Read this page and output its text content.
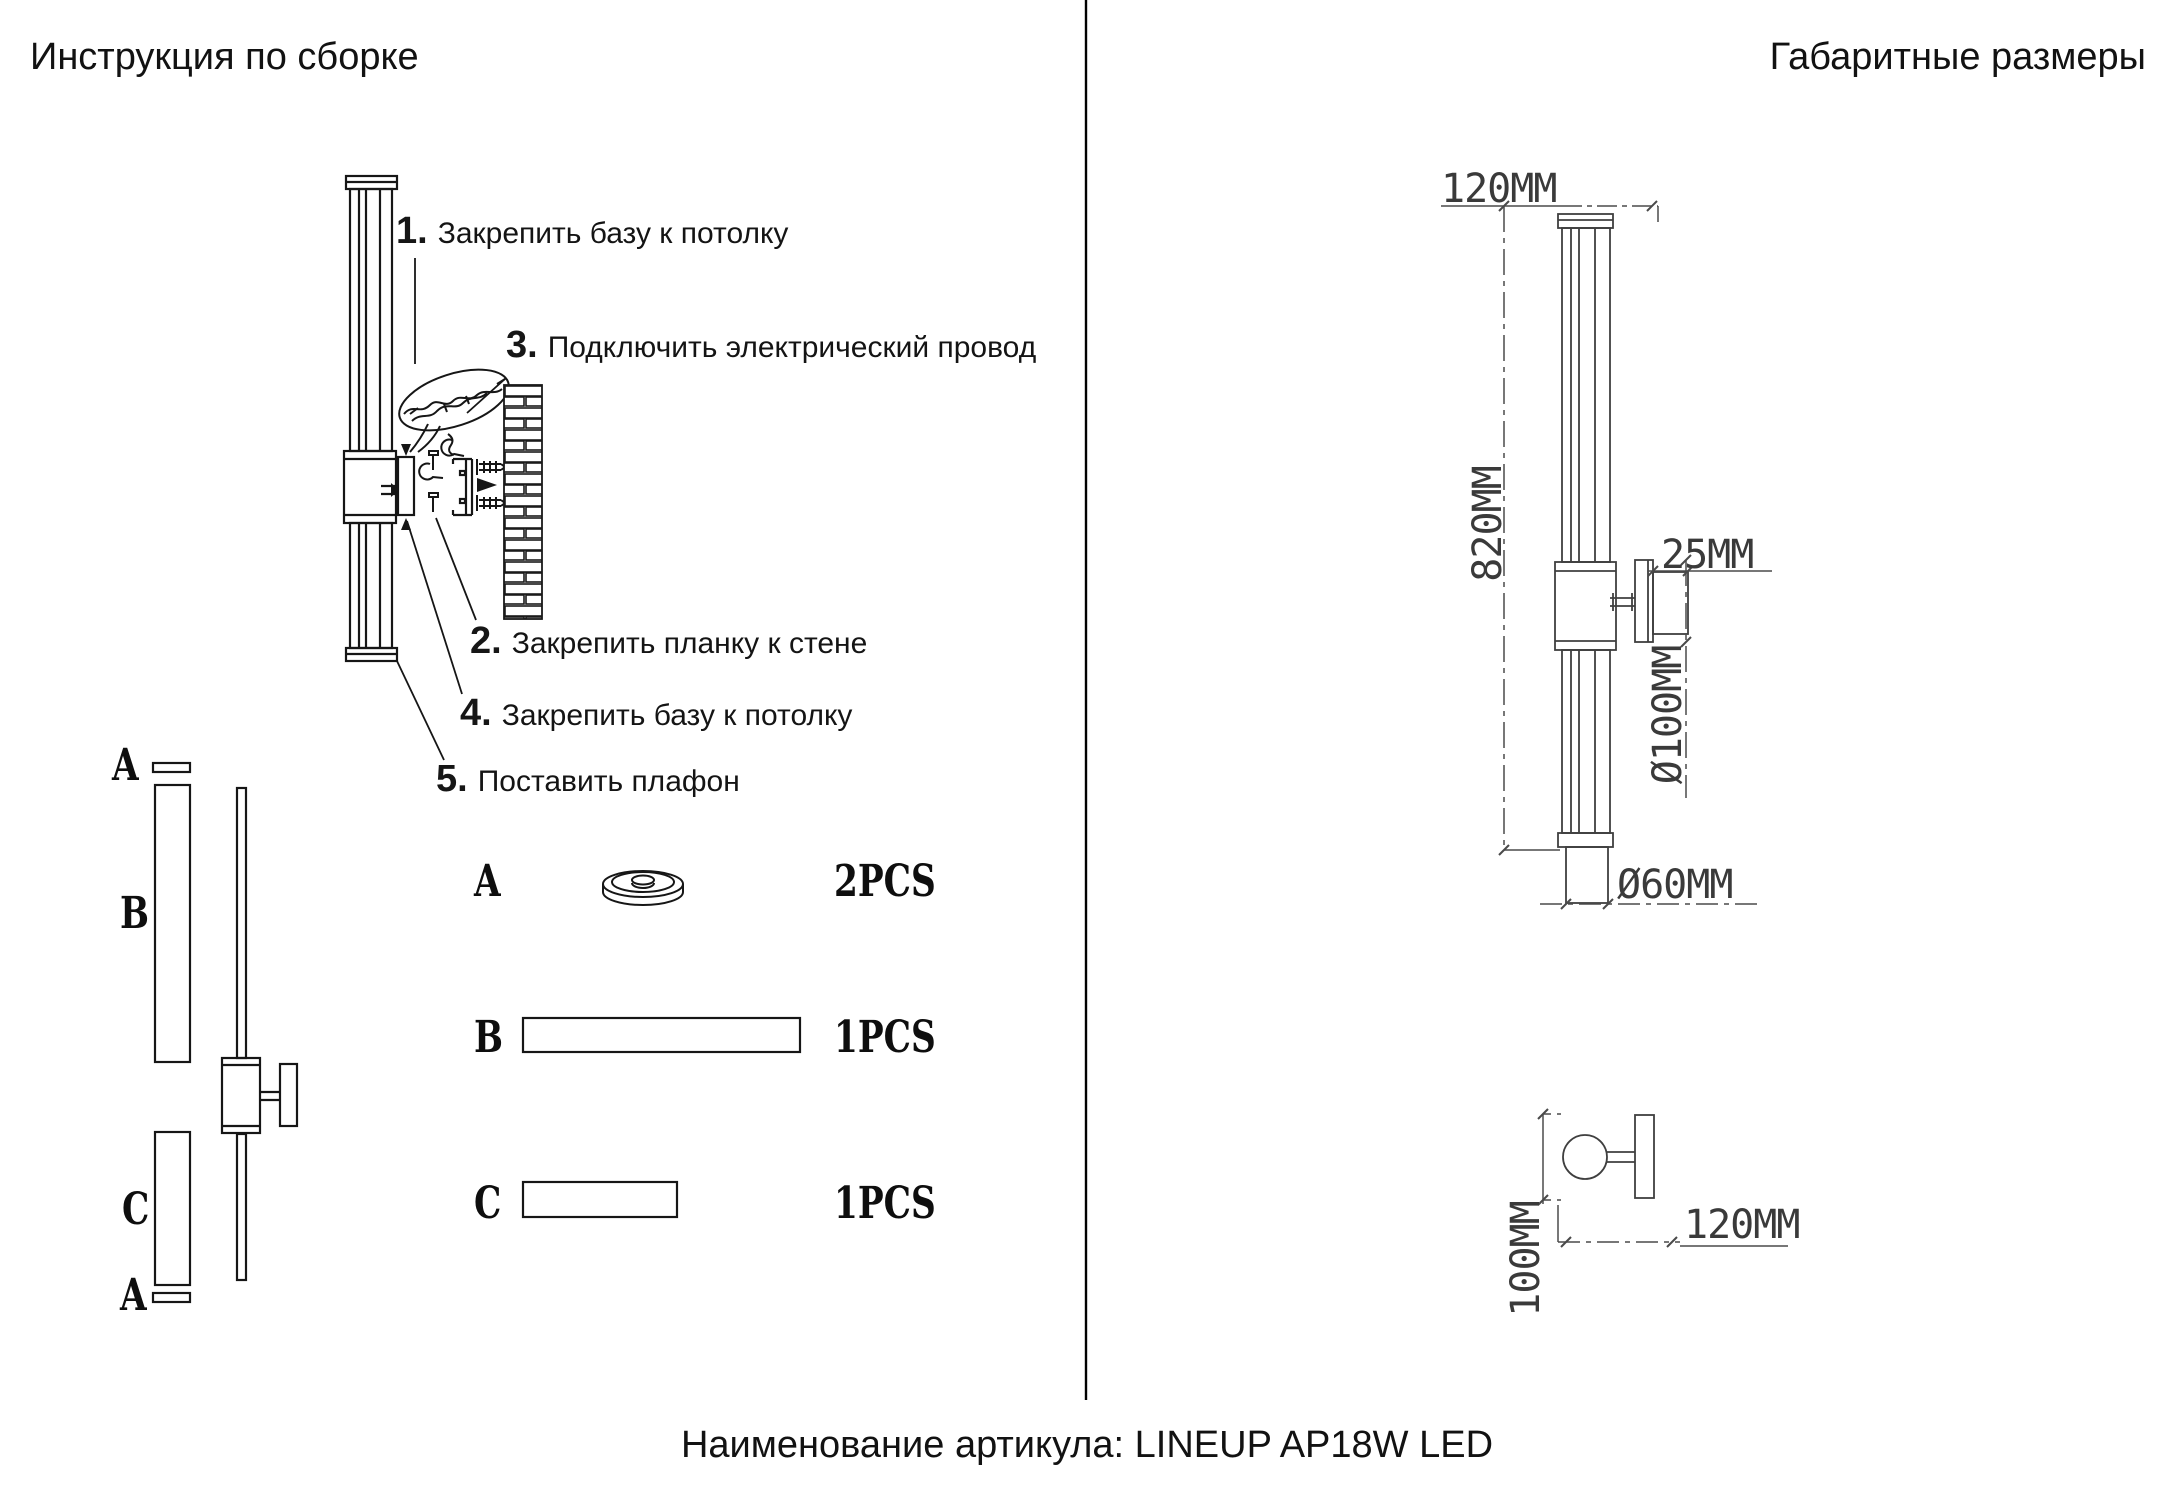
Инструкция по сборке	Габаритные размеры
1. Закрепить базу к потолку
3. Подключить электрический провод
2. Закрепить планку к стене
4. Закрепить базу к потолку
5. Поставить плафон
A
B
C
A
A	2PCS
B	1PCS
C	1PCS
120MM
820MM	25MM
Ø100MM
Ø60MM
100MM	120MM
Наименование артикула: LINEUP AP18W LED
